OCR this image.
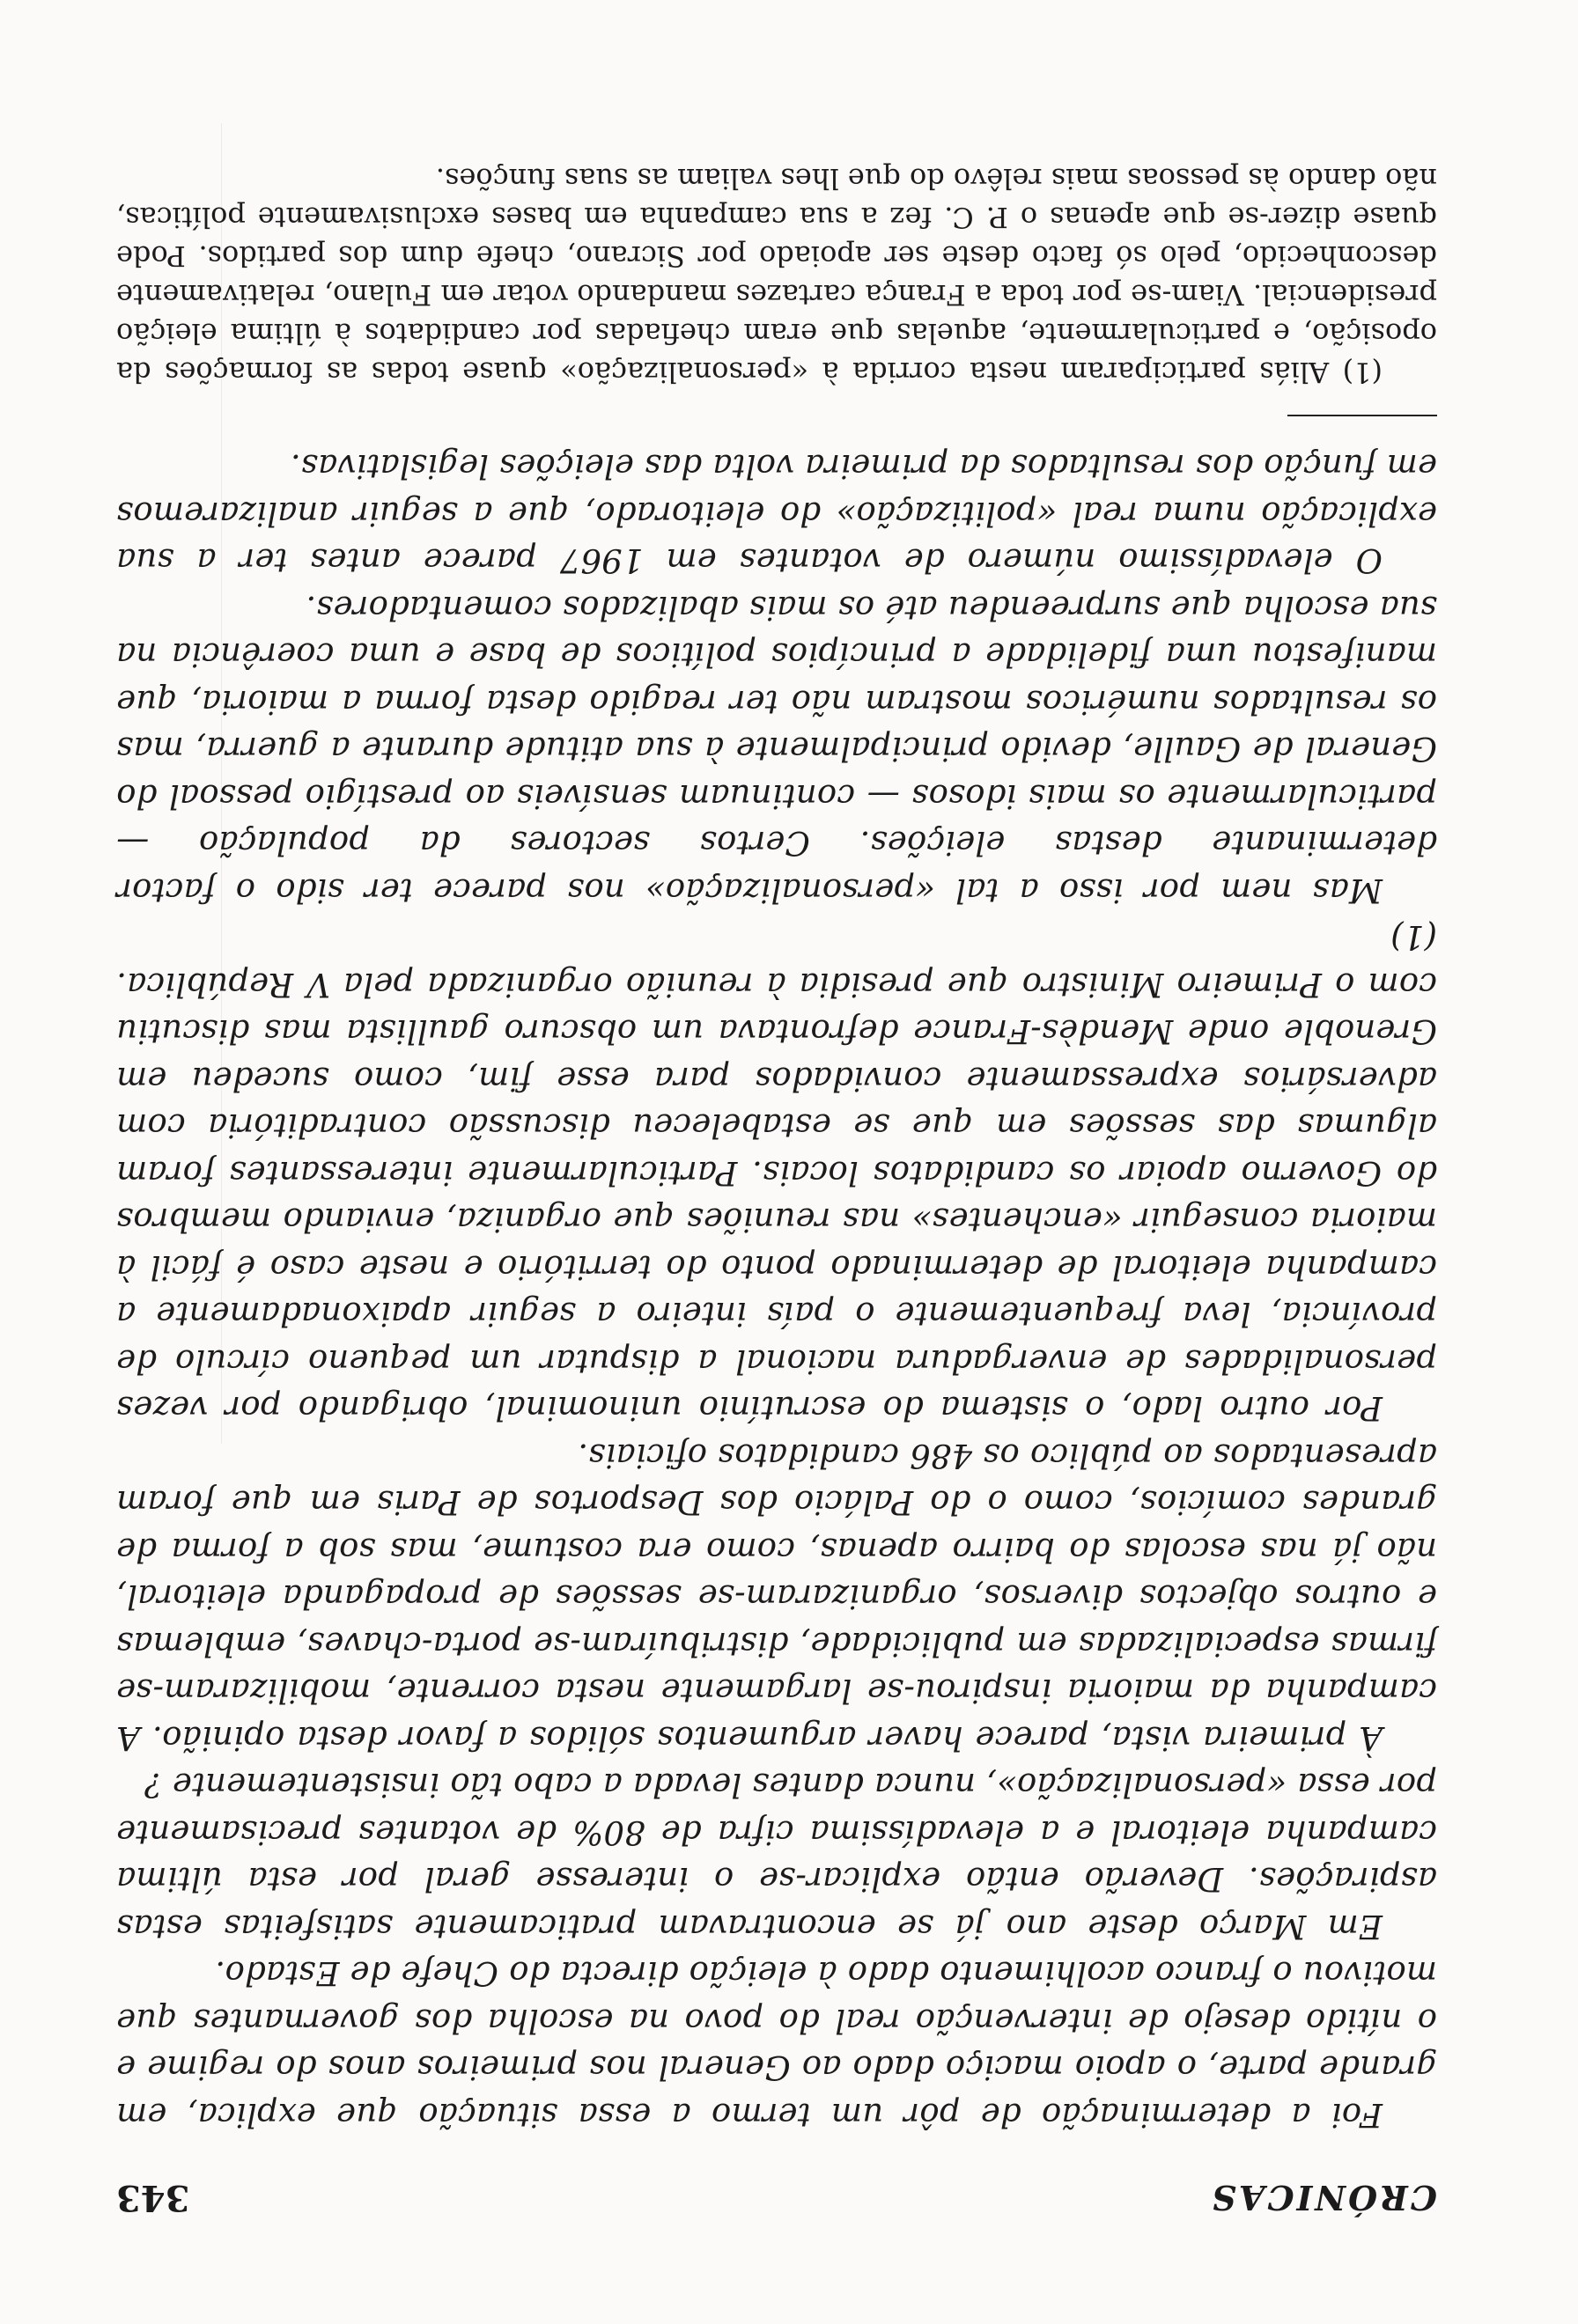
CRÓNICAS
343

Foi a determinação de pôr um termo a essa situação que explica, em grande parte, o apoio maciço dado ao General nos primeiros anos do regime e o nítido desejo de intervenção real do povo na escolha dos governantes que motivou o franco acolhimento dado à eleição directa do Chefe de Estado.

Em Março deste ano já se encontravam praticamente satisfeitas estas aspirações. Deverão então explicar-se o interesse geral por esta última campanha eleitoral e a elevadíssima cifra de 80% de votantes precisamente por essa «personalização», nunca dantes levada a cabo tão insistentemente ?

À primeira vista, parece haver argumentos sólidos a favor desta opinião. A campanha da maioria inspirou-se largamente nesta corrente, mobilizaram-se firmas especializadas em publicidade, distribuíram-se porta-chaves, emblemas e outros objectos diversos, organizaram-se sessões de propaganda eleitoral, não já nas escolas do bairro apenas, como era costume, mas sob a forma de grandes comícios, como o do Palácio dos Desportos de Paris em que foram apresentados ao público os 486 candidatos oficiais.

Por outro lado, o sistema do escrutínio uninominal, obrigando por vezes personalidades de envergadura nacional a disputar um pequeno círculo de província, leva frequentemente o país inteiro a seguir apaixonadamente a campanha eleitoral de determinado ponto do território e neste caso é fácil à maioria conseguir «enchentes» nas reuniões que organiza, enviando membros do Governo apoiar os candidatos locais. Particularmente interessantes foram algumas das sessões em que se estabeleceu discussão contraditória com adversários expressamente convidados para esse fim, como sucedeu em Grenoble onde Mendès-France defrontava um obscuro gaullista mas discutiu com o Primeiro Ministro que presidia à reunião organizada pela V República. (1)

Mas nem por isso a tal «personalização» nos parece ter sido o factor determinante destas eleições. Certos sectores da população — particularmente os mais idosos — continuam sensíveis ao prestígio pessoal do General de Gaulle, devido principalmente à sua atitude durante a guerra, mas os resultados numéricos mostram não ter reagido desta forma a maioria, que manifestou uma fidelidade a princípios políticos de base e uma coerência na sua escolha que surpreendeu até os mais abalizados comentadores.

O elevadíssimo número de votantes em 1967 parece antes ter a sua explicação numa real «politização» do eleitorado, que a seguir analizaremos em função dos resultados da primeira volta das eleições legislativas.

(1) Aliás participaram nesta corrida à «personalização» quase todas as formações da oposição, e particularmente, aquelas que eram chefiadas por candidatos à última eleição presidencial. Viam-se por toda a França cartazes mandando votar em Fulano, relativamente desconhecido, pelo só facto deste ser apoiado por Sicrano, chefe dum dos partidos. Pode quase dizer-se que apenas o P. C. fez a sua campanha em bases exclusivamente políticas, não dando às pessoas mais relêvo do que lhes valiam as suas funções.
